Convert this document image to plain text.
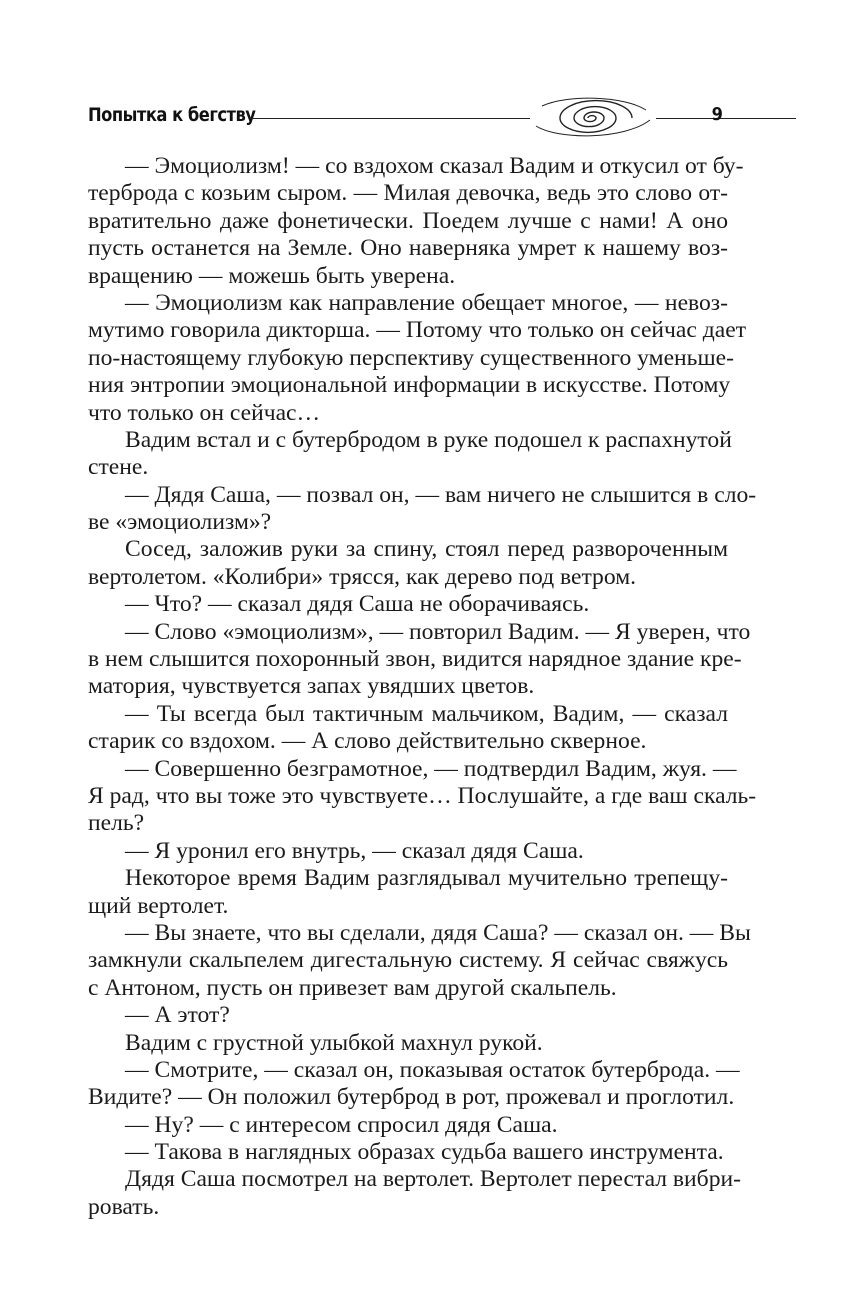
Попытка к бегству	9
— Эмоциолизм! — со вздохом сказал Вадим и откусил от бу-
терброда с козьим сыром. — Милая девочка, ведь это слово от-
вратительно даже фонетически. Поедем лучше с нами! А оно
пусть останется на Земле. Оно наверняка умрет к нашему воз-
вращению — можешь быть уверена.
— Эмоциолизм как направление обещает многое, — невоз-
мутимо говорила дикторша. — Потому что только он сейчас дает
по-настоящему глубокую перспективу существенного уменьше-
ния энтропии эмоциональной информации в искусстве. Потому
что только он сейчас…
Вадим встал и с бутербродом в руке подошел к распахнутой
стене.
— Дядя Саша, — позвал он, — вам ничего не слышится в сло-
ве «эмоциолизм»?
Сосед, заложив руки за спину, стоял перед развороченным
вертолетом. «Колибри» трясся, как дерево под ветром.
— Что? — сказал дядя Саша не оборачиваясь.
— Слово «эмоциолизм», — повторил Вадим. — Я уверен, что
в нем слышится похоронный звон, видится нарядное здание кре-
матория, чувствуется запах увядших цветов.
— Ты всегда был тактичным мальчиком, Вадим, — сказал
старик со вздохом. — А слово действительно скверное.
— Совершенно безграмотное, — подтвердил Вадим, жуя. —
Я рад, что вы тоже это чувствуете… Послушайте, а где ваш скаль-
пель?
— Я уронил его внутрь, — сказал дядя Саша.
Некоторое время Вадим разглядывал мучительно трепещу-
щий вертолет.
— Вы знаете, что вы сделали, дядя Саша? — сказал он. — Вы
замкнули скальпелем дигестальную систему. Я сейчас свяжусь
с Антоном, пусть он привезет вам другой скальпель.
— А этот?
Вадим с грустной улыбкой махнул рукой.
— Смотрите, — сказал он, показывая остаток бутерброда. —
Видите? — Он положил бутерброд в рот, прожевал и проглотил.
— Ну? — с интересом спросил дядя Саша.
— Такова в наглядных образах судьба вашего инструмента.
Дядя Саша посмотрел на вертолет. Вертолет перестал вибри-
ровать.
